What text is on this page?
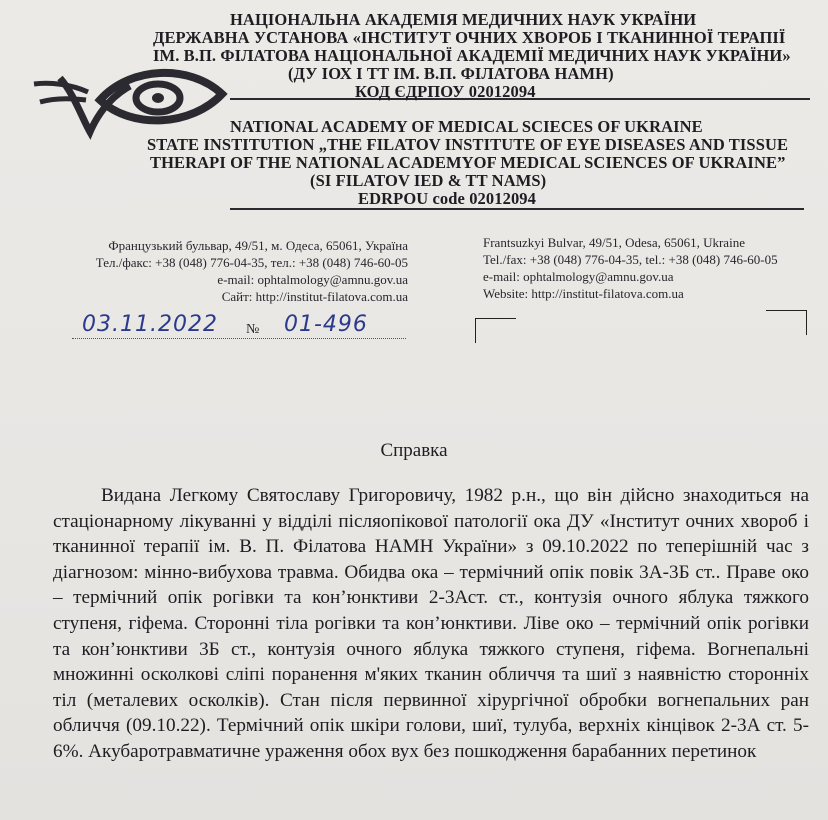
НАЦІОНАЛЬНА АКАДЕМІЯ МЕДИЧНИХ НАУК УКРАЇНИ
ДЕРЖАВНА УСТАНОВА «ІНСТИТУТ ОЧНИХ ХВОРОБ І ТКАНИННОЇ ТЕРАПІЇ
ІМ. В.П. ФІЛАТОВА НАЦІОНАЛЬНОЇ АКАДЕМІЇ МЕДИЧНИХ НАУК УКРАЇНИ»
(ДУ ІОХ І ТТ ІМ. В.П. ФІЛАТОВА НАМН)
КОД ЄДРПОУ 02012094
NATIONAL ACADEMY OF MEDICAL SCIECES OF UKRAINE
STATE INSTITUTION „THE FILATOV INSTITUTE OF EYE DISEASES AND TISSUE
THERAPI OF THE NATIONAL ACADEMYOF MEDICAL SCIENCES OF UKRAINE”
(SI FILATOV IED & TT NAMS)
EDRPOU code 02012094
Французький бульвар, 49/51, м. Одеса, 65061, Україна
Тел./факс: +38 (048) 776-04-35, тел.: +38 (048) 746-60-05
e-mail: ophtalmology@amnu.gov.ua
Сайт: http://institut-filatova.com.ua
Frantsuzkyi Bulvar, 49/51, Odesa, 65061, Ukraine
Tel./fax: +38 (048) 776-04-35, tel.: +38 (048) 746-60-05
e-mail: ophtalmology@amnu.gov.ua
Website: http://institut-filatova.com.ua
03.11.2022 № 01-496
Справка
Видана Легкому Святославу Григоровичу, 1982 р.н., що він дійсно знаходиться на стаціонарному лікуванні у відділі післяопікової патології ока ДУ «Інститут очних хвороб і тканинної терапії ім. В. П. Філатова НАМН України» з 09.10.2022 по теперішній час з діагнозом: мінно-вибухова травма. Обидва ока – термічний опік повік 3А-3Б ст.. Праве око – термічний опік рогівки та кон’юнктиви 2-3Аст. ст., контузія очного яблука тяжкого ступеня, гіфема. Сторонні тіла рогівки та кон’юнктиви. Ліве око – термічний опік рогівки та кон’юнктиви 3Б ст., контузія очного яблука тяжкого ступеня, гіфема. Вогнепальні множинні осколкові сліпі поранення м'яких тканин обличчя та шиї з наявністю сторонніх тіл (металевих осколків). Стан після первинної хірургічної обробки вогнепальних ран обличчя (09.10.22). Термічний опік шкіри голови, шиї, тулуба, верхніх кінцівок 2-3А ст. 5-6%. Акубаротравматичне ураження обох вух без пошкодження барабанних перетинок
